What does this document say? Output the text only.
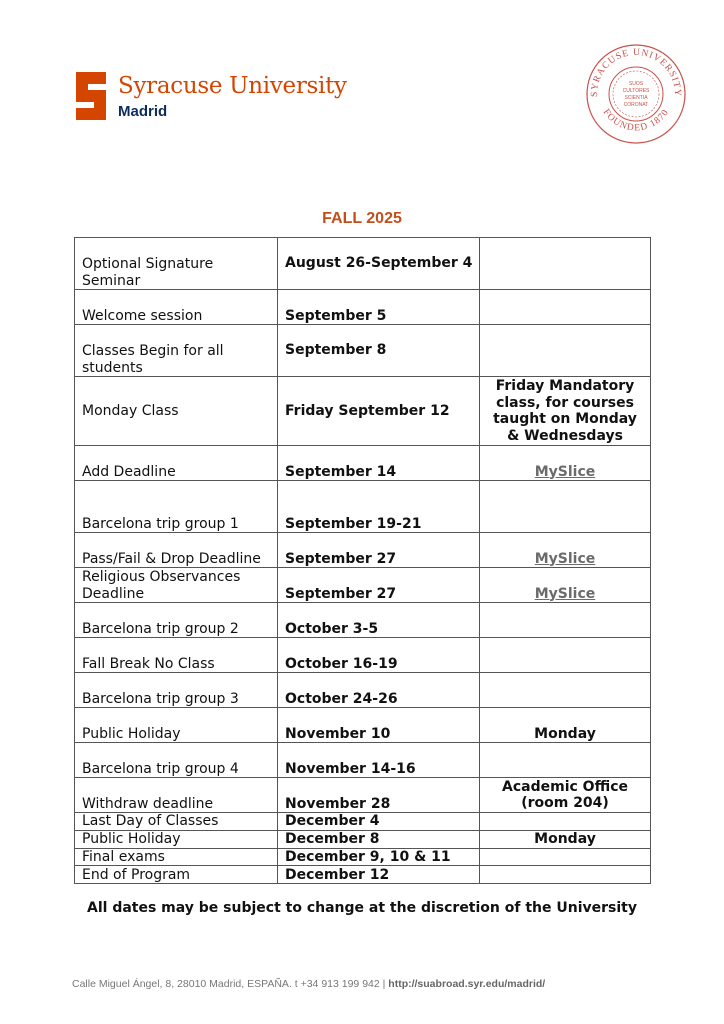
Syracuse University
Madrid
SYRACUSE UNIVERSITY
FOUNDED 1870
SUOS
CULTORES
SCIENTIA
CORONAT
FALL 2025
Optional Signature Seminar	August 26-September 4	
Welcome session	September 5	
Classes Begin for all students	September 8	
Monday Class	Friday September 12	Friday Mandatory class, for courses taught on Monday & Wednesdays
Add Deadline	September 14	MySlice
Barcelona trip group 1	September 19-21	
Pass/Fail & Drop Deadline	September 27	MySlice
Religious Observances Deadline	September 27	MySlice
Barcelona trip group 2	October 3-5	
Fall Break No Class	October 16-19	
Barcelona trip group 3	October 24-26	
Public Holiday	November 10	Monday
Barcelona trip group 4	November 14-16	
Withdraw deadline	November 28	Academic Office (room 204)
Last Day of Classes	December 4	
Public Holiday	December 8	Monday
Final exams	December 9, 10 & 11	
End of Program	December 12	
All dates may be subject to change at the discretion of the University
Calle Miguel Ángel, 8, 28010 Madrid, ESPAÑA. t +34 913 199 942 | http://suabroad.syr.edu/madrid/
